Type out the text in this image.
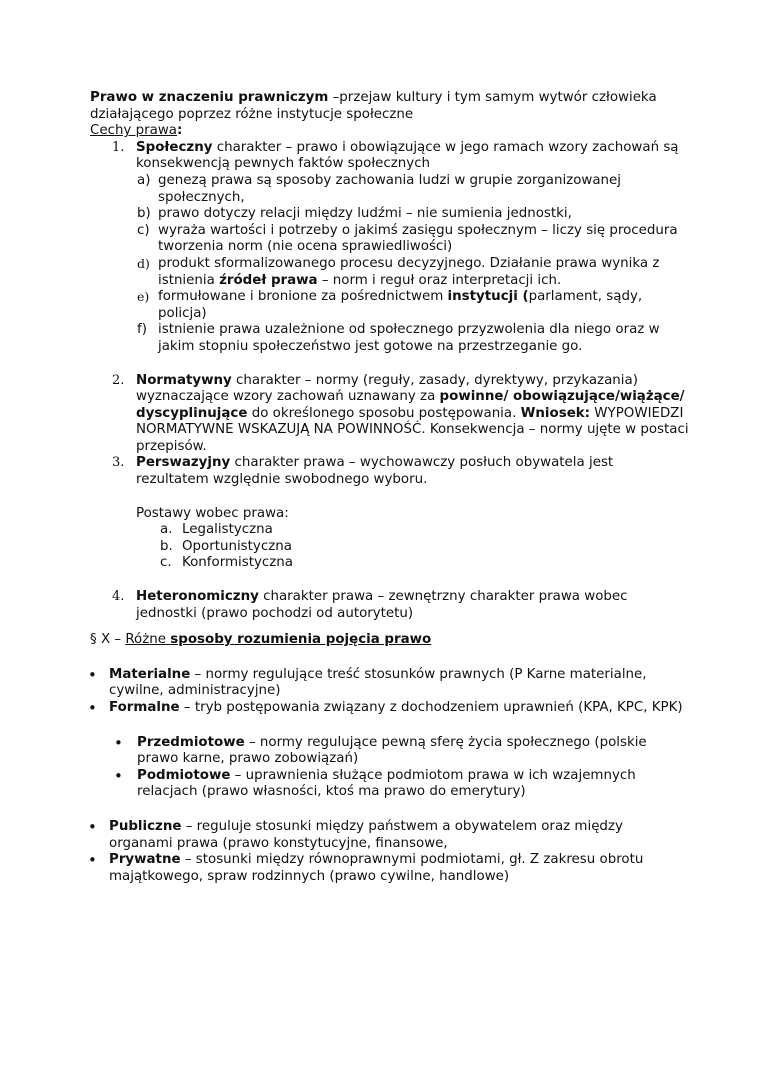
Prawo w znaczeniu prawniczym –przejaw kultury i tym samym wytwór człowieka działającego poprzez różne instytucje społeczne

Cechy prawa:

1. Społeczny charakter – prawo i obowiązujące w jego ramach wzory zachowań są konsekwencją pewnych faktów społecznych
a) genezą prawa są sposoby zachowania ludzi w grupie zorganizowanej społecznych,
b) prawo dotyczy relacji między ludźmi – nie sumienia jednostki,
c) wyraża wartości i potrzeby o jakimś zasięgu społecznym – liczy się procedura tworzenia norm (nie ocena sprawiedliwości)
d) produkt sformalizowanego procesu decyzyjnego. Działanie prawa wynika z istnienia źródeł prawa – norm i reguł oraz interpretacji ich.
e) formułowane i bronione za pośrednictwem instytucji (parlament, sądy, policja)
f) istnienie prawa uzależnione od społecznego przyzwolenia dla niego oraz w jakim stopniu społeczeństwo jest gotowe na przestrzeganie go.
2. Normatywny charakter – normy (reguły, zasady, dyrektywy, przykazania) wyznaczające wzory zachowań uznawany za powinne/ obowiązujące/wiążące/ dyscyplinujące do określonego sposobu postępowania. Wniosek: WYPOWIEDZI NORMATYWNE WSKAZUJĄ NA POWINNOŚĆ. Konsekwencja – normy ujęte w postaci przepisów.
3. Perswazyjny charakter prawa – wychowawczy posłuch obywatela jest rezultatem względnie swobodnego wyboru.

Postawy wobec prawa:

a. Legalistyczna
b. Oportunistyczna
c. Konformistyczna
4. Heteronomiczny charakter prawa – zewnętrzny charakter prawa wobec jednostki (prawo pochodzi od autorytetu)

§ X – Różne sposoby rozumienia pojęcia prawo

• Materialne – normy regulujące treść stosunków prawnych (P Karne materialne, cywilne, administracyjne)
• Formalne – tryb postępowania związany z dochodzeniem uprawnień (KPA, KPC, KPK)
• Przedmiotowe – normy regulujące pewną sferę życia społecznego (polskie prawo karne, prawo zobowiązań)
• Podmiotowe – uprawnienia służące podmiotom prawa w ich wzajemnych relacjach (prawo własności, ktoś ma prawo do emerytury)
• Publiczne – reguluje stosunki między państwem a obywatelem oraz między organami prawa (prawo konstytucyjne, finansowe,
• Prywatne – stosunki między równoprawnymi podmiotami, gł. Z zakresu obrotu majątkowego, spraw rodzinnych (prawo cywilne, handlowe)
